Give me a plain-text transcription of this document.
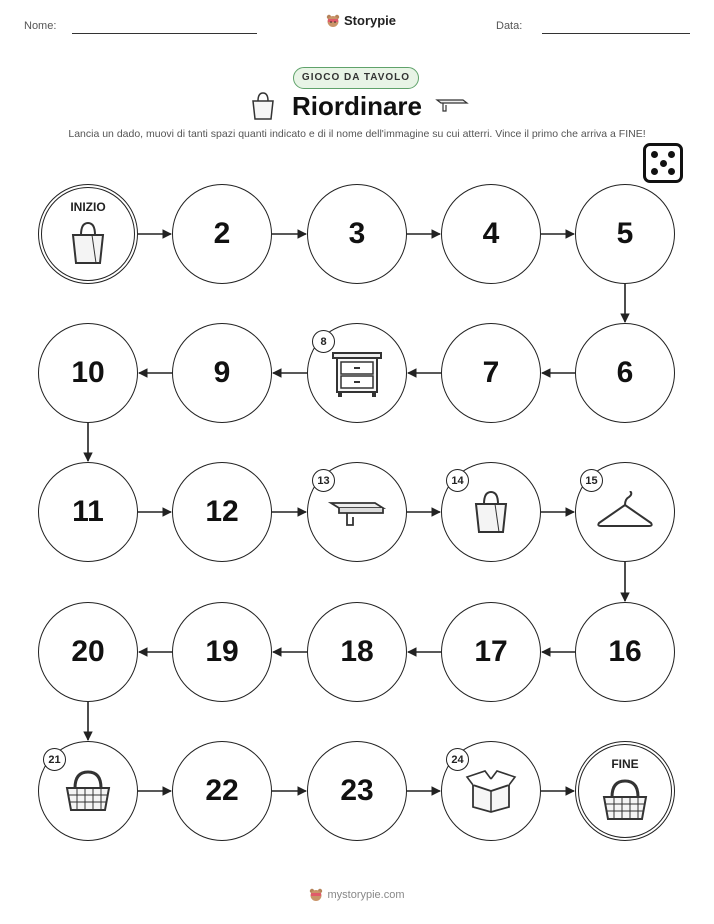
Nome:	Storypie	Data:
GIOCO DA TAVOLO
Riordinare
Lancia un dado, muovi di tanti spazi quanti indicato e di il nome dell'immagine su cui atterri. Vince il primo che arriva a FINE!
INIZIO
2	3	4	5
6
7
8
9
10
11	12
13	14	15
16
17
18
19
20
21
22	23
24	FINE
mystorypie.com
